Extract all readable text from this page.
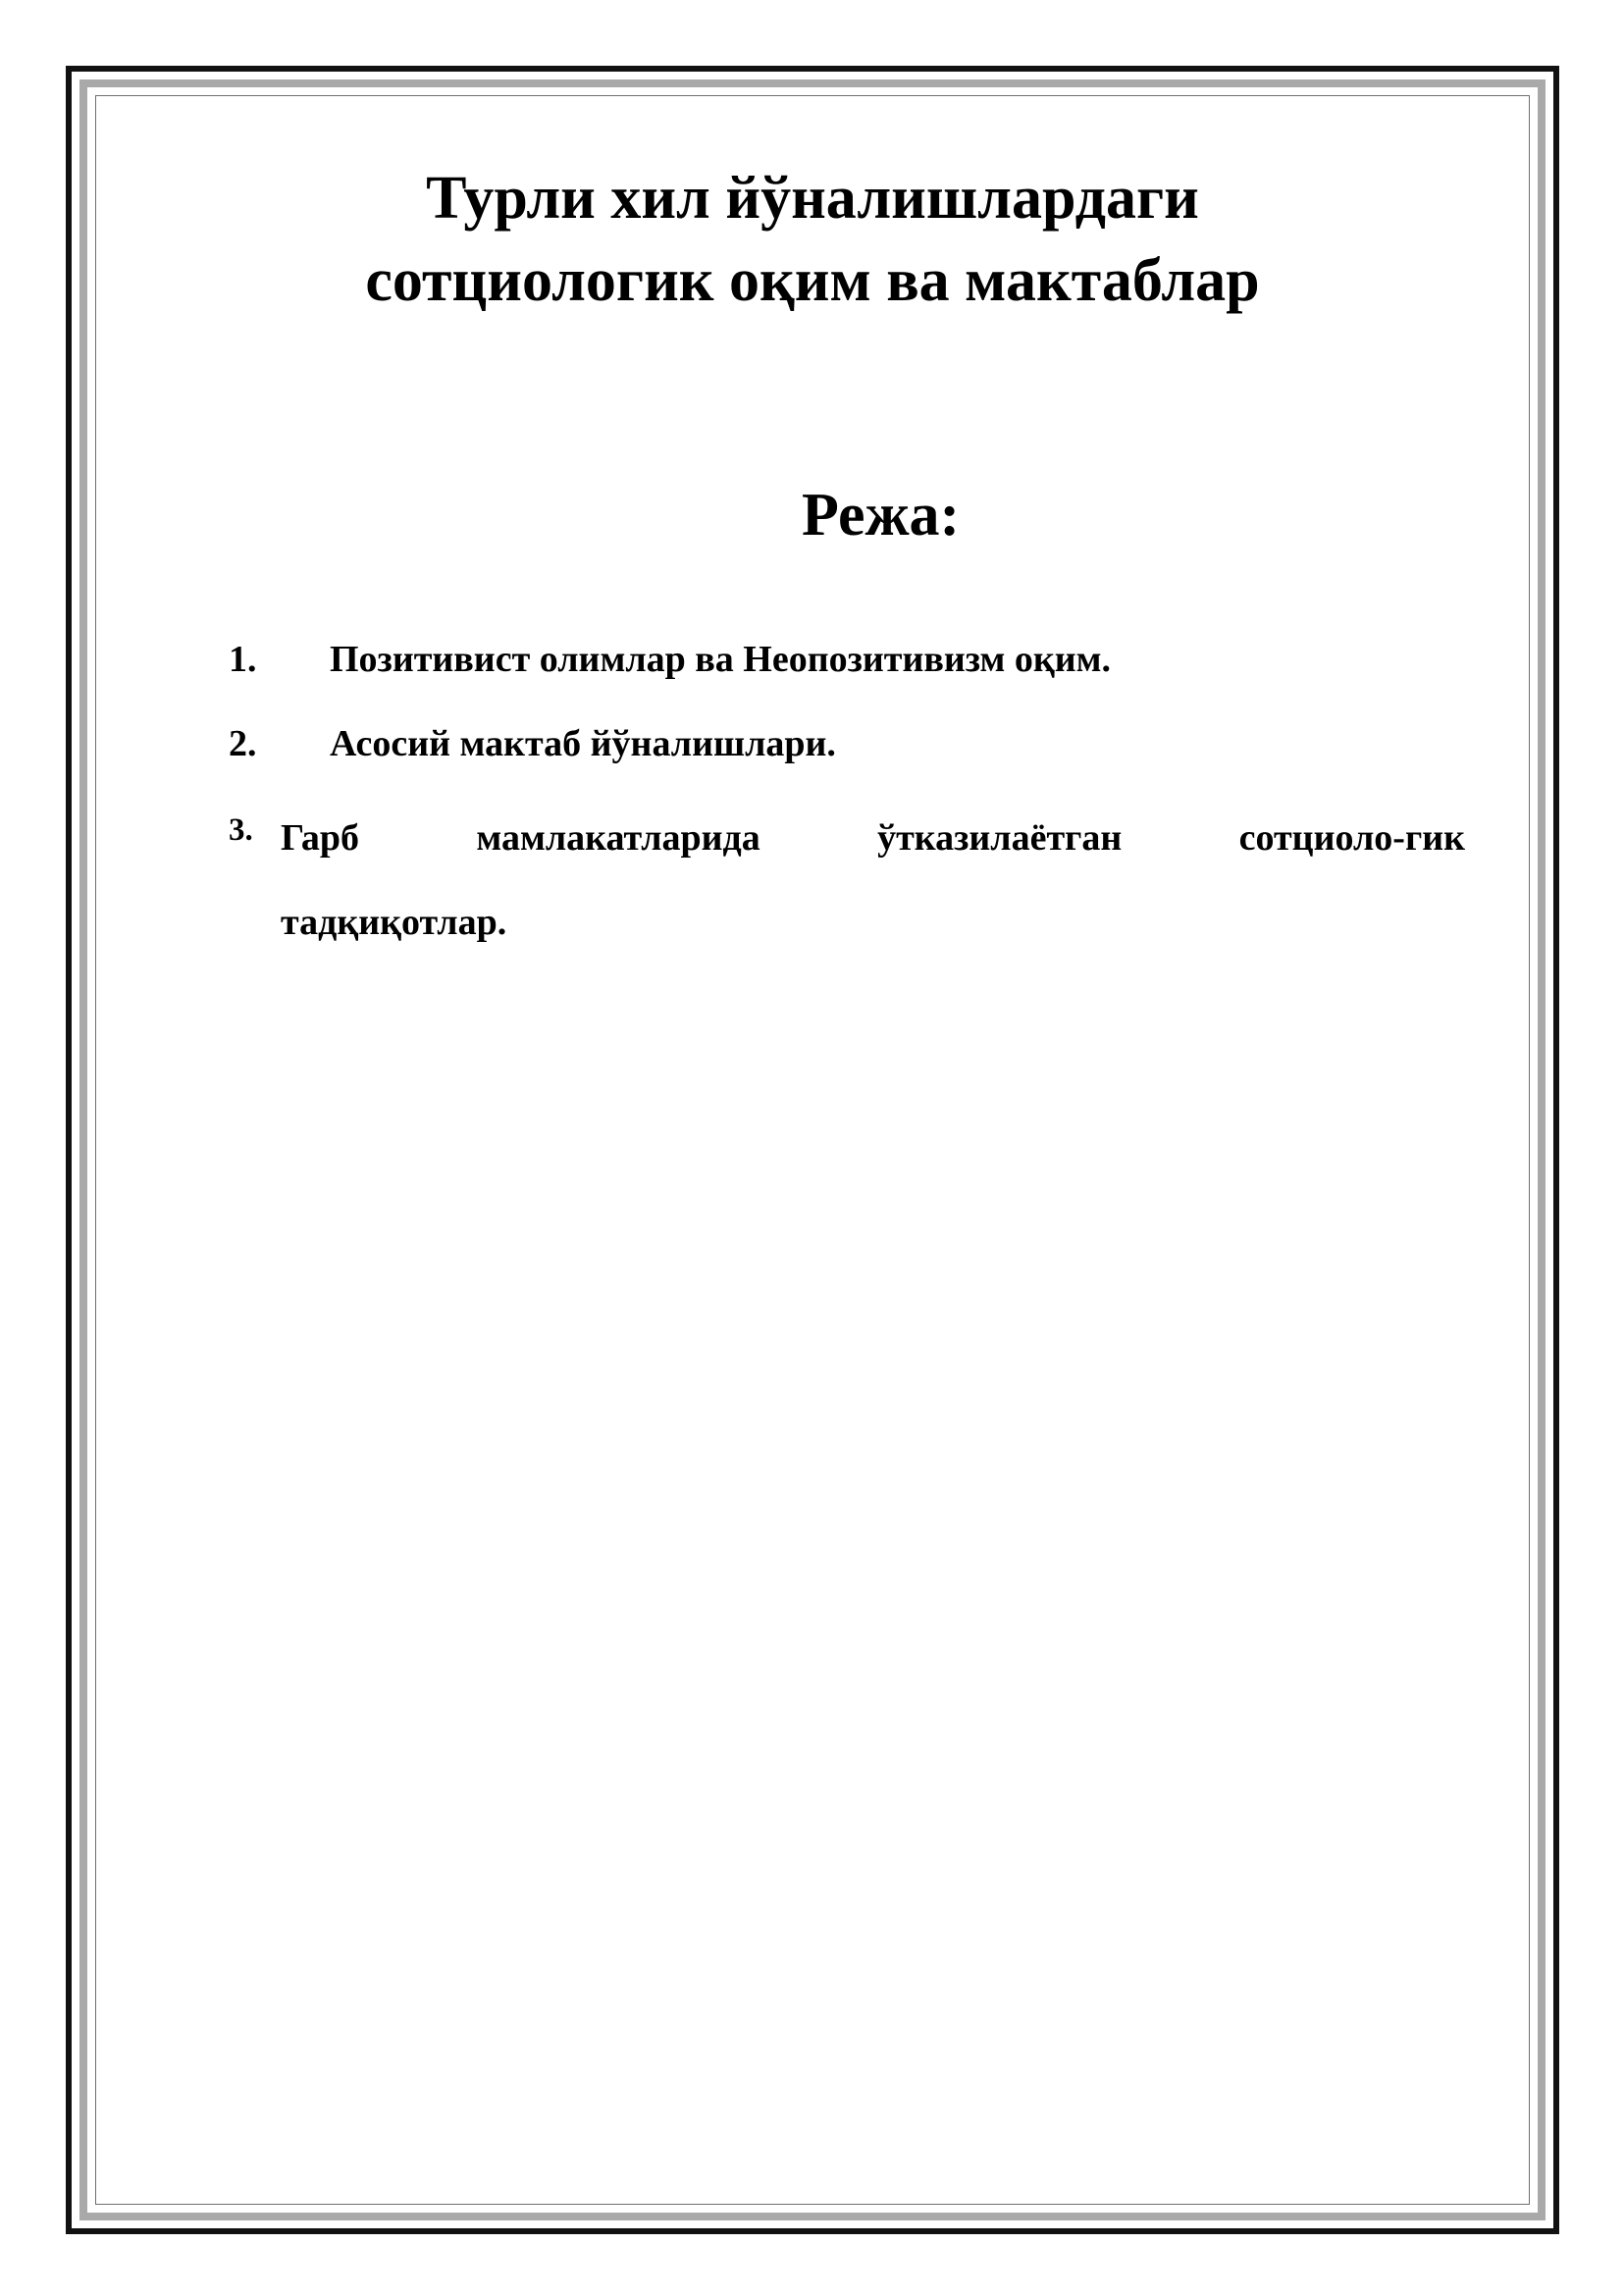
Турли хил йўналишлардаги
сотциологик оқим ва мактаблар
Режа:
1.	Позитивист олимлар ва Неопозитивизм оқим.
2.	Асосий мактаб йўналишлари.
3. Гарб мамлакатларида ўтказилаётган сотциоло-гик
тадқиқотлар.
